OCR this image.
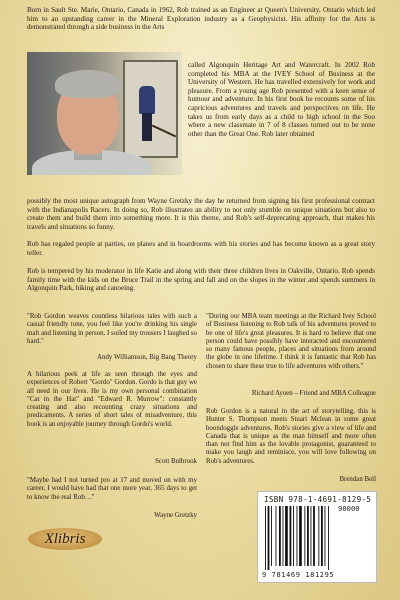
Born in Sault Ste. Marie, Ontario, Canada in 1962, Rob trained as an Engineer at Queen's University, Ontario which led him to an upstanding career in the Mineral Exploration industry as a Geophysicist. His affinity for the Arts is demonstrated through a side business in the Arts

called Algonquin Heritage Art and Watercraft. In 2002 Rob completed his MBA at the IVEY School of Business at the University of Western. He has travelled extensively for work and pleasure. From a young age Rob presented with a keen sense of humour and adventure. In his first book he recounts some of his capricious adventures and travels and perspectives on life. He takes us from early days as a child to high school in the Soo where a new classmate in 7 of 8 classes turned out to be none other than the Great One. Rob later obtained

possibly the most unique autograph from Wayne Gretzky the day he returned from signing his first professional contract with the Indianapolis Racers. In doing so, Rob illustrates an ability to not only stumble on unique situations but also to create them and build them into something more. It is this theme, and Rob's self-deprecating approach, that makes his travels and situations so funny.

Rob has regaled people at parties, on planes and in boardrooms with his stories and has become known as a great story teller.

Rob is tempered by his moderator in life Katie and along with their three children lives in Oakville, Ontario. Rob spends family time with the kids on the Bruce Trail in the spring and fall and on the slopes in the winter and spends summers in Algonquin Park, hiking and canoeing.

"Rob Gordon weaves countless hilarious tales with such a casual friendly tone, you feel like you're drinking his single malt and listening in person. I soiled my trousers I laughed so hard."

Andy Williamson, Big Bang Theory

A hilarious peek at life as seen through the eyes and experiences of Robert "Gordo" Gordon. Gordo is that guy we all need in our lives. He is my own personal combination "Cat in the Hat" and "Edward R. Murrow": constantly creating and also recounting crazy situations and predicaments. A series of short tales of misadventure, this book is an enjoyable journey through Gordo's world.

Scott Bulbrook

"Maybe had I not turned pro at 17 and moved on with my career, I would have had that one more year, 365 days to get to know the real Rob…"

Wayne Gretzky

"During our MBA team meetings at the Richard Ivey School of Business listening to Rob talk of his adventures proved to be one of life's great pleasures. It is hard to believe that one person could have possibly have interacted and encountered so many famous people, places and situations from around the globe in one lifetime. I think it is fantastic that Rob has chosen to share these true to life adventures with others."

Richard Ayuen – Friend and MBA Colleague

Rob Gordon is a natural in the art of storytelling, this is Hunter S. Thompson meets Stuart Mclean in some great boondoggle adventures. Rob's stories give a view of life and Canada that is unique as the man himself and more often than not find him as the lovable protagonist, guaranteed to make you laugh and reminisce, you will love following on Rob's adventures.

Brendan Bell

Xlibris
ISBN 978-1-4691-8129-5
90000
9 781469 181295
